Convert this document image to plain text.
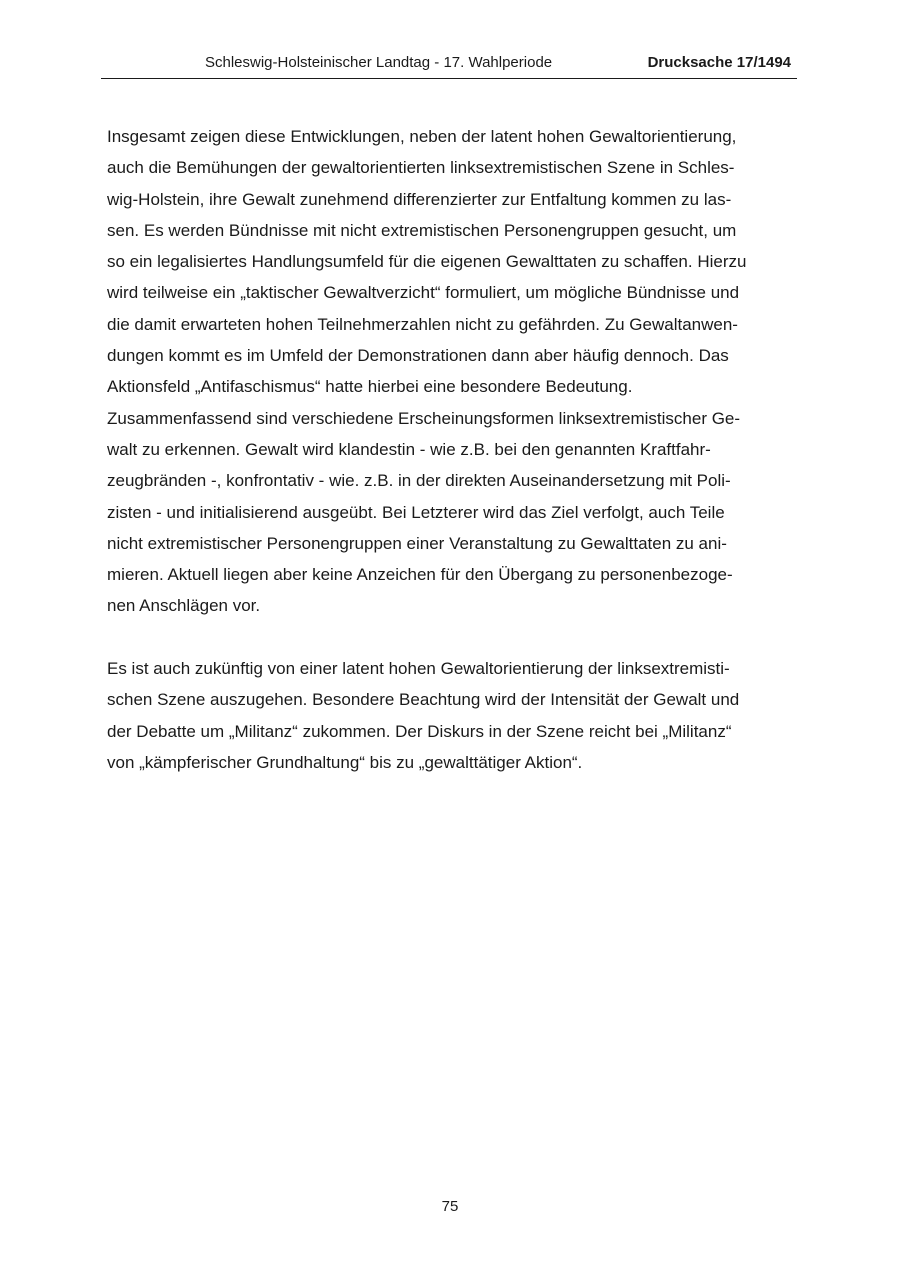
Schleswig-Holsteinischer Landtag - 17. Wahlperiode	Drucksache 17/1494
Insgesamt zeigen diese Entwicklungen, neben der latent hohen Gewaltorientierung,
auch die Bemühungen der gewaltorientierten linksextremistischen Szene in Schles-
wig-Holstein, ihre Gewalt zunehmend differenzierter zur Entfaltung kommen zu las-
sen. Es werden Bündnisse mit nicht extremistischen Personengruppen gesucht, um
so ein legalisiertes Handlungsumfeld für die eigenen Gewalttaten zu schaffen. Hierzu
wird teilweise ein „taktischer Gewaltverzicht“ formuliert, um mögliche Bündnisse und
die damit erwarteten hohen Teilnehmerzahlen nicht zu gefährden. Zu Gewaltanwen-
dungen kommt es im Umfeld der Demonstrationen dann aber häufig dennoch. Das
Aktionsfeld „Antifaschismus“ hatte hierbei eine besondere Bedeutung.
Zusammenfassend sind verschiedene Erscheinungsformen linksextremistischer Ge-
walt zu erkennen. Gewalt wird klandestin - wie z.B. bei den genannten Kraftfahr-
zeugbränden -, konfrontativ - wie. z.B. in der direkten Auseinandersetzung mit Poli-
zisten - und initialisierend ausgeübt. Bei Letzterer wird das Ziel verfolgt, auch Teile
nicht extremistischer Personengruppen einer Veranstaltung zu Gewalttaten zu ani-
mieren. Aktuell liegen aber keine Anzeichen für den Übergang zu personenbezoge-
nen Anschlägen vor.
Es ist auch zukünftig von einer latent hohen Gewaltorientierung der linksextremisti-
schen Szene auszugehen. Besondere Beachtung wird der Intensität der Gewalt und
der Debatte um „Militanz“ zukommen. Der Diskurs in der Szene reicht bei „Militanz“
von „kämpferischer Grundhaltung“ bis zu „gewalttätiger Aktion“.
75
